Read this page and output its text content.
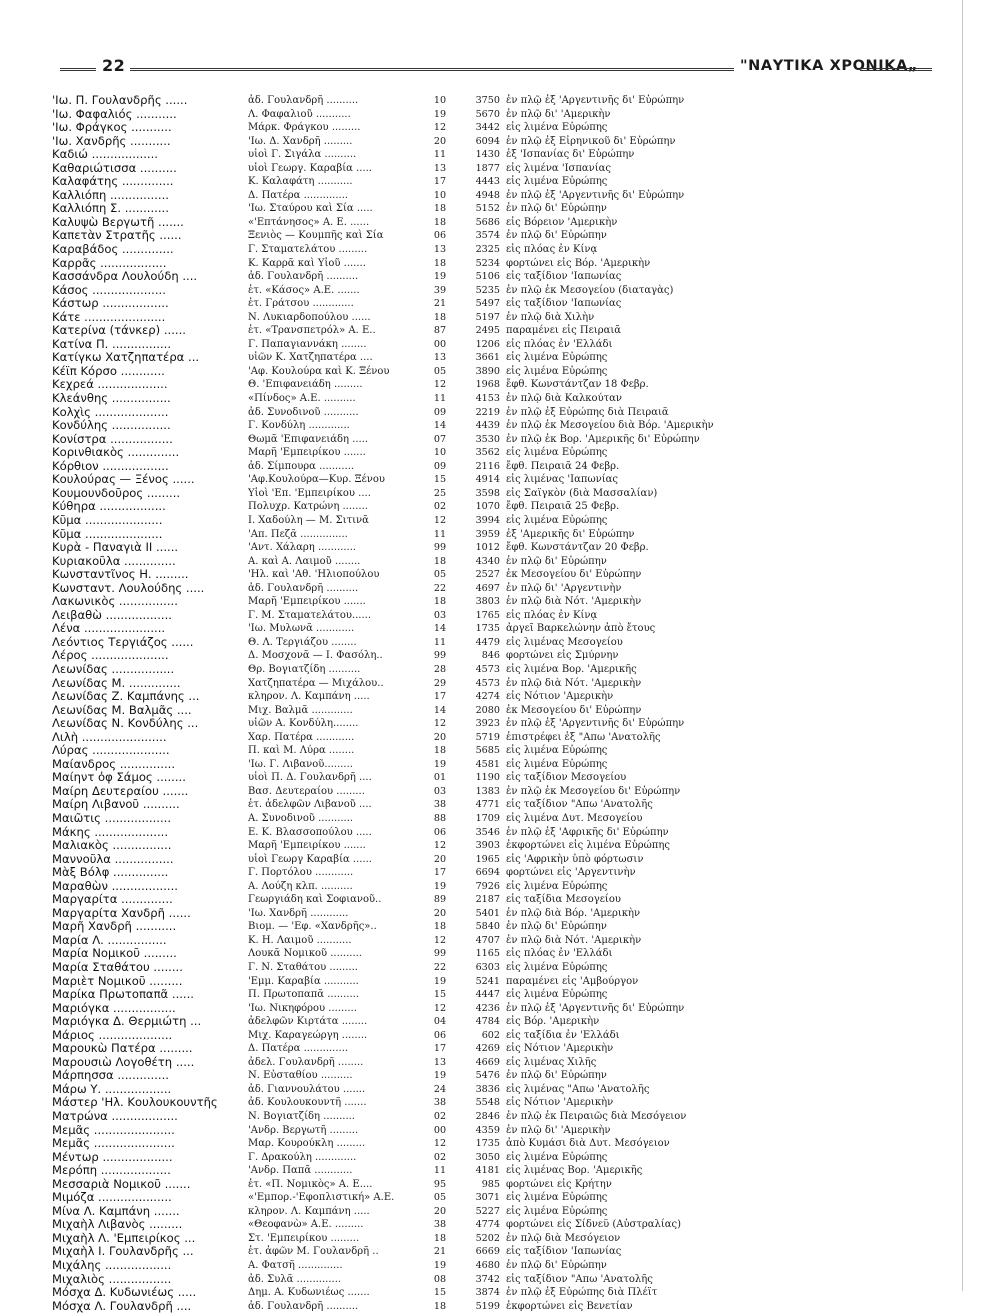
22	"ΝΑΥΤΙΚΑ ΧΡΟΝΙΚΑ„
'Ιω. Π. Γουλανδρῆς ......	ἀδ. Γουλανδρῆ ..........	10	3750 ἐν πλῷ ἐξ 'Αργεντινῆς δι' Εὐρώπην
'Ιω. Φαφαλιός ...........	Λ. Φαφαλιοῦ ...........	19	5670 ἐν πλῷ δι' 'Αμερικὴν
'Ιω. Φράγκος ...........	Μάρκ. Φράγκου .........	12	3442 εἰς λιμένα Εὐρώπης
'Ιω. Χανδρῆς ...........	'Ιω. Δ. Χανδρῆ .........	20	6094 ἐν πλῷ ἐξ Εἰρηνικοῦ δι' Εὐρώπην
Καδιώ ..................	υἱοὶ Γ. Σιγάλα ..........	11	1430 ἐξ 'Ισπανίας δι' Εὐρώπην
Καθαριώτισσα ..........	υἱοὶ Γεωργ. Καραβία .....	13	1877 εἰς λιμένα 'Ισπανίας
Καλαφάτης ..............	Κ. Καλαφάτη ...........	17	4443 εἰς λιμένα Εὐρώπης
Καλλιόπη ................	Δ. Πατέρα ..............	10	4948 ἐν πλῷ ἐξ 'Αργεντινῆς δι' Εὐρώπην
Καλλιόπη Σ. ............	'Ιω. Σταύρου καὶ Σία .....	18	5152 ἐν πλῷ δι' Εὐρώπην
Καλυψὼ Βεργωτῆ .......	«'Επτάνησος» Α. Ε. ......	18	5686 εἰς Βόρειον 'Αμερικὴν
Καπετὰν Στρατῆς ......	Ξενιὸς — Κουμπῆς καὶ Σία	06	3574 ἐν πλῷ δι' Εὐρώπην
Καραβάδος ..............	Γ. Σταματελάτου .........	13	2325 εἰς πλόας ἐν Κίνᾳ
Καρρᾶς ..................	Κ. Καρρᾶ καὶ Υἱοῦ .......	18	5234 φορτώνει εἰς Βόρ. 'Αμερικὴν
Κασσάνδρα Λουλούδη ....	ἀδ. Γουλανδρῆ ..........	19	5106 εἰς ταξίδιον 'Ιαπωνίας
Κάσος ....................	ἑτ. «Κάσος» Α.Ε. .......	39	5235 ἐν πλῷ ἐκ Μεσογείου (διαταγὰς)
Κάστωρ ..................	ἑτ. Γράτσου .............	21	5497 εἰς ταξίδιον 'Ιαπωνίας
Κάτε ......................	Ν. Λυκιαρδοπούλου ......	18	5197 ἐν πλῷ διὰ Χιλὴν
Κατερίνα (τάνκερ) ......	ἑτ. «Τρανσπετρόλ» Α. Ε..	87	2495 παραμένει εἰς Πειραιᾶ
Κατίνα Π. ................	Γ. Παπαγιαννάκη ........	00	1206 εἰς πλόας ἐν 'Ελλάδι
Κατίγκω Χατζηπατέρα ...	υἱῶν Κ. Χατζηπατέρα ....	13	3661 εἰς λιμένα Εὐρώπης
Κέϊπ Κόρσο ............	'Αφ. Κουλούρα καὶ Κ. Ξένου	05	3890 εἰς λιμένα Εὐρώπης
Κεχρεά ...................	Θ. 'Επιφανειάδη .........	12	1968 ἔφθ. Κωνστάντζαν 18 Φεβρ.
Κλεάνθης ................	«Πίνδος» Α.Ε. ..........	11	4153 ἐν πλῷ διὰ Καλκούταν
Κολχὶς ....................	ἀδ. Συνοδινοῦ ...........	09	2219 ἐν πλῷ ἐξ Εὐρώπης διὰ Πειραιᾶ
Κονδύλης ................	Γ. Κονδύλη .............	14	4439 ἐν πλῷ ἐκ Μεσογείου διὰ Βόρ. 'Αμερικὴν
Κονίστρα .................	Θωμᾶ 'Επιφανειάδη .....	07	3530 ἐν πλῷ ἐκ Βορ. 'Αμερικῆς δι' Εὐρώπην
Κορινθιακὸς ..............	Μαρῆ 'Εμπειρίκου .......	10	3562 εἰς λιμένα Εὐρώπης
Κόρθιον ..................	ἀδ. Σίμπουρα ...........	09	2116 ἔφθ. Πειραιᾶ 24 Φεβρ.
Κουλούρας — Ξένος ......	'Αφ.Κουλούρα—Κυρ. Ξένου	15	4914 εἰς λιμένας 'Ιαπωνίας
Κουμουνδοῦρος .........	Υἱοὶ 'Επ. 'Εμπειρίκου ....	25	3598 εἰς Σαϊγκὸν (διὰ Μασσαλίαν)
Κύθηρα ..................	Πολυχρ. Κατρώνη ........	02	1070 ἔφθ. Πειραιᾶ 25 Φεβρ.
Κῦμα .....................	Ι. Χαδούλη — Μ. Σιτινᾶ	12	3994 εἰς λιμένα Εὐρώπης
Κῦμα .....................	'Απ. Πεζᾶ ...............	11	3959 ἐξ 'Αμερικῆς δι' Εὐρώπην
Κυρὰ - Παναγιὰ ΙΙ ......	'Αντ. Χάλαρη ............	99	1012 ἔφθ. Κωνστάντζαν 20 Φεβρ.
Κυριακοῦλα ..............	Α. καὶ Α. Λαιμοῦ ........	18	4340 ἐν πλῷ δι' Εὐρώπην
Κωνσταντῖνος Η. .........	'Ηλ. καὶ 'Αθ. 'Ηλιοπούλου	05	2527 ἐκ Μεσογείου δι' Εὐρώπην
Κωνσταντ. Λουλούδης .....	ἀδ. Γουλανδρῆ ..........	22	4697 ἐν πλῷ δι' 'Αργεντινὴν
Λακωνικὸς ................	Μαρῆ 'Εμπειρίκου .......	18	3803 ἐν πλῷ διὰ Νότ. 'Αμερικὴν
Λειβαθὼ ..................	Γ. Μ. Σταματελάτου......	03	1765 εἰς πλόας ἐν Κίνᾳ
Λένα ......................	'Ιω. Μυλωνᾶ ............	14	1735 ἀργεῖ Βαρκελώνην ἀπὸ ἔτους
Λεόντιος Τεργιάζος ......	Θ. Λ. Τεργιάζου ........	11	4479 εἰς λιμένας Μεσογείου
Λέρος .....................	Δ. Μοσχονᾶ — Ι. Φασόλη..	99	846 φορτώνει εἰς Σμύρνην
Λεωνίδας .................	Θρ. Βογιατζίδη ..........	28	4573 εἰς λιμένα Βορ. 'Αμερικῆς
Λεωνίδας Μ. ..............	Χατζηπατέρα — Μιχάλου..	29	4573 ἐν πλῷ διὰ Νότ. 'Αμερικὴν
Λεωνίδας Ζ. Καμπάνης ...	κληρον. Λ. Καμπάνη .....	17	4274 εἰς Νότιον 'Αμερικὴν
Λεωνίδας Μ. Βαλμᾶς ....	Μιχ. Βαλμᾶ .............	14	2080 ἐκ Μεσογείου δι' Εὐρώπην
Λεωνίδας Ν. Κονδύλης ...	υἱῶν Α. Κονδύλη........	12	3923 ἐν πλῷ ἐξ 'Αργεντινῆς δι' Εὐρώπην
Λιλὴ .......................	Χαρ. Πατέρα ............	20	5719 ἐπιστρέφει ἐξ "Απω 'Ανατολῆς
Λύρας .....................	Π. καὶ Μ. Λύρα ........	18	5685 εἰς λιμένα Εὐρώπης
Μαίανδρος ...............	'Ιω. Γ. Λιβανοῦ.........	19	4581 εἰς λιμένα Εὐρώπης
Μαίηντ ὀφ Σάμος ........	υἱοὶ Π. Δ. Γουλανδρῆ ....	01	1190 εἰς ταξίδιον Μεσογείου
Μαίρη Δευτεραίου .......	Βασ. Δευτεραίου .........	03	1383 ἐν πλῷ ἐκ Μεσογείου δι' Εὐρώπην
Μαίρη Λιβανοῦ ..........	ἑτ. ἀδελφῶν Λιβανοῦ ....	38	4771 εἰς ταξίδιον "Απω 'Ανατολῆς
Μαιῶτις ..................	Α. Συνοδινοῦ ...........	88	1709 εἰς λιμένα Δυτ. Μεσογείου
Μάκης ....................	Ε. Κ. Βλασσοπούλου .....	06	3546 ἐν πλῷ ἐξ 'Αφρικῆς δι' Εὐρώπην
Μαλιακὸς ................	Μαρῆ 'Εμπειρίκου .......	12	3903 ἐκφορτώνει εἰς λιμένα Εὐρώπης
Μαννοῦλα ................	υἱοὶ Γεωργ Καραβία ......	20	1965 εἰς 'Αφρικὴν ὑπὸ φόρτωσιν
Μὰξ Βόλφ ...............	Γ. Πορτόλου ............	17	6694 φορτώνει εἰς 'Αργεντινὴν
Μαραθὼν ..................	Α. Λούζη κλπ. ..........	19	7926 εἰς λιμένα Εὐρώπης
Μαργαρίτα ..............	Γεωργιάδη καὶ Σοφιανοῦ..	89	2187 εἰς ταξίδια Μεσογείου
Μαργαρίτα Χανδρῆ ......	'Ιω. Χανδρῆ ............	20	5401 ἐν πλῷ διὰ Βόρ. 'Αμερικὴν
Μαρῆ Χανδρῆ ...........	Βιομ. — 'Εφ. «Χανδρῆς»..	18	5840 ἐν πλῷ δι' Εὐρώπην
Μαρία Λ. ................	Κ. Η. Λαιμοῦ ...........	12	4707 ἐν πλῷ διὰ Νότ. 'Αμερικὴν
Μαρία Νομικοῦ .........	Λουκᾶ Νομικοῦ ..........	99	1165 εἰς πλόας ἐν 'Ελλάδι
Μαρία Σταθάτου ........	Γ. Ν. Σταθάτου .........	22	6303 εἰς λιμένα Εὐρώπης
Μαριὲτ Νομικοῦ .........	'Εμμ. Καραβία ...........	19	5241 παραμένει εἰς 'Αμβούργον
Μαρίκα Πρωτοπαπᾶ ......	Π. Πρωτοπαπᾶ ..........	15	4447 εἰς λιμένα Εὐρώπης
Μαριόγκα .................	'Ιω. Νικηφόρου .........	12	4236 ἐν πλῷ ἐξ 'Αργεντινῆς δι' Εὐρώπην
Μαριόγκα Δ. Θερμιώτη ...	ἀδελφῶν Κιρτάτα ........	04	4784 εἰς Βόρ. 'Αμερικὴν
Μάριος ....................	Μιχ. Καραγεώργη ........	06	602 εἰς ταξίδια ἐν 'Ελλάδι
Μαρουκὼ Πατέρα .........	Δ. Πατέρα ..............	17	4269 εἰς Νότιον 'Αμερικὴν
Μαρουσιὼ Λογοθέτη .....	ἀδελ. Γουλανδρῆ ........	13	4669 εἰς λιμένας Χιλῆς
Μάρπησσα ..............	Ν. Εὐσταθίου ..........	19	5476 ἐν πλῷ δι' Εὐρώπην
Μάρω Υ. ..................	ἀδ. Γιαννουλάτου .......	24	3836 εἰς λιμένας "Απω 'Ανατολῆς
Μάστερ 'Ηλ. Κουλουκουντῆς	ἀδ. Κουλουκουντῆ .......	38	5548 εἰς Νότιον 'Αμερικὴν
Ματρώνα ..................	Ν. Βογιατζίδη ..........	02	2846 ἐν πλῷ ἐκ Πειραιῶς διὰ Μεσόγειον
Μεμᾶς ......................	'Ανδρ. Βεργωτῆ .........	00	4359 ἐν πλῷ δι' 'Αμερικὴν
Μεμᾶς ......................	Μαρ. Κουρούκλη .........	12	1735 ἀπὸ Κυμάσι διὰ Δυτ. Μεσόγειον
Μέντωρ ...................	Γ. Δρακούλη .............	02	3050 εἰς λιμένα Εὐρώπης
Μερόπη ...................	'Ανδρ. Παπᾶ ............	11	4181 εἰς λιμένας Βορ. 'Αμερικῆς
Μεσσαριὰ Νομικοῦ .......	ἑτ. «Π. Νομικὸς» Α. Ε....	95	985 φορτώνει εἰς Κρήτην
Μιμόζα ....................	«'Εμπορ.-'Εφοπλιστική» Α.Ε.	05	3071 εἰς λιμένα Εὐρώπης
Μίνα Λ. Καμπάνη .......	κληρον. Λ. Καμπάνη .....	20	5227 εἰς λιμένα Εὐρώπης
Μιχαὴλ Λιβανὸς .........	«Θεοφανὼ» Α.Ε. .........	38	4774 φορτώνει εἰς Σίδνεϋ (Αὐστραλίας)
Μιχαὴλ Λ. 'Εμπειρίκος ...	Στ. 'Εμπειρίκου .........	18	5202 ἐν πλῷ διὰ Μεσόγειον
Μιχαὴλ Ι. Γουλανδρῆς ...	ἑτ. ἀφῶν Μ. Γουλανδρῆ ..	21	6669 εἰς ταξίδιον 'Ιαπωνίας
Μιχάλης ..................	Α. Φατσῆ ..............	19	4680 ἐν πλῷ δι' Εὐρώπην
Μιχαλιὸς .................	ἀδ. Συλᾶ ..............	08	3742 εἰς ταξίδιον "Απω 'Ανατολῆς
Μόσχα Δ. Κυδωνιέως .....	Δημ. Α. Κυδωνιέως .......	15	3874 ἐν πλῷ ἐξ Εὐρώπης διὰ Πλέϊτ
Μόσχα Λ. Γουλανδρῆ ....	ἀδ. Γουλανδρῆ ..........	18	5199 ἐκφορτώνει εἰς Βενετίαν
